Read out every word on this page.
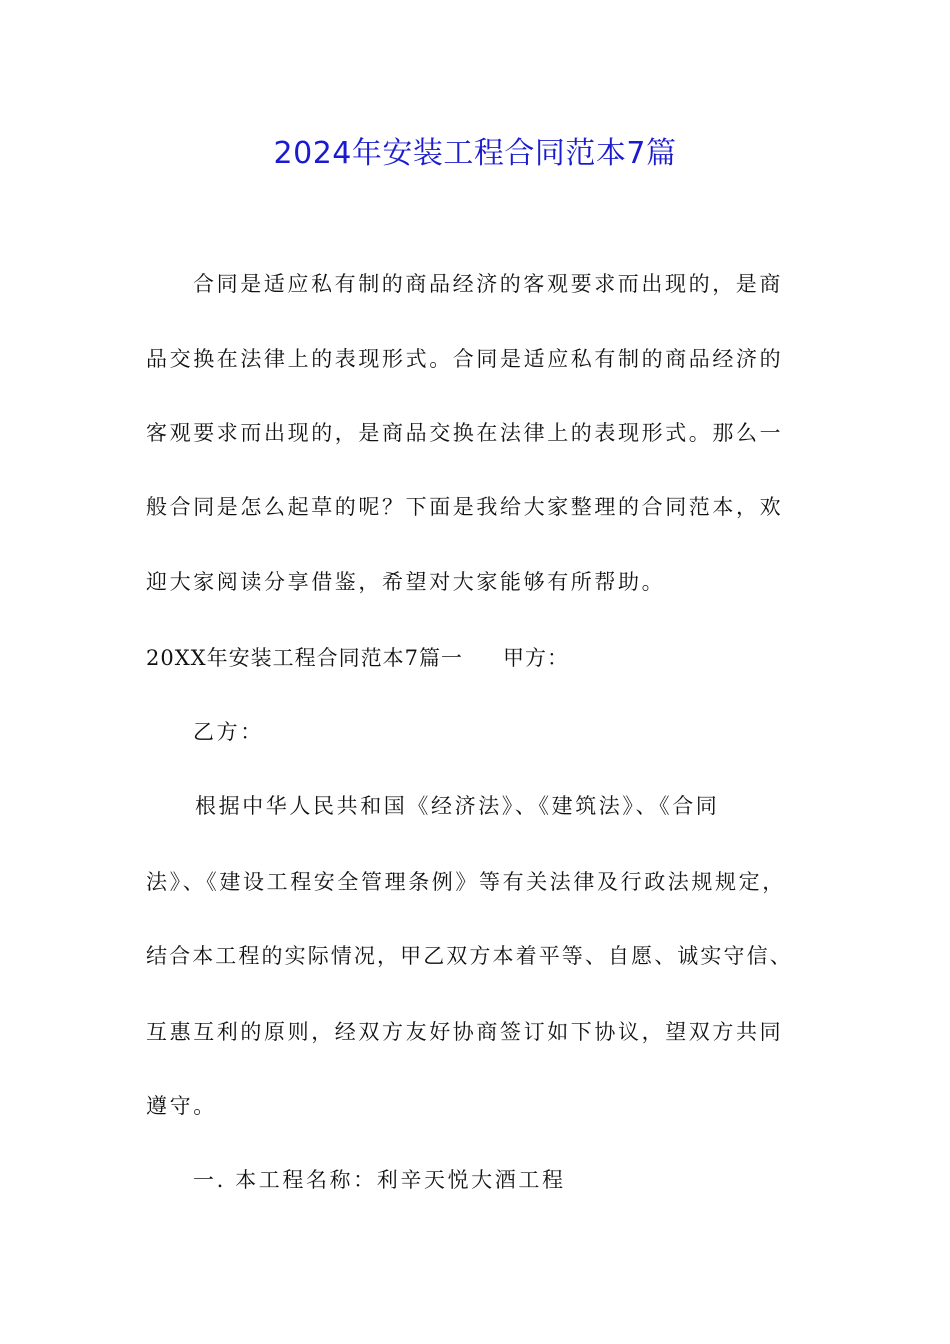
2024年安装工程合同范本7篇
合同是适应私有制的商品经济的客观要求而出现的，是商
品交换在法律上的表现形式。合同是适应私有制的商品经济的
客观要求而出现的，是商品交换在法律上的表现形式。那么一
般合同是怎么起草的呢？下面是我给大家整理的合同范本，欢
迎大家阅读分享借鉴，希望对大家能够有所帮助。
20XX年安装工程合同范本7篇一 甲方：
乙方：
根据中华人民共和国《经济法》、《建筑法》、《合同
法》、《建设工程安全管理条例》等有关法律及行政法规规定，
结合本工程的实际情况，甲乙双方本着平等、自愿、诚实守信、
互惠互利的原则，经双方友好协商签订如下协议，望双方共同
遵守。
一. 本工程名称：利辛天悦大酒工程
